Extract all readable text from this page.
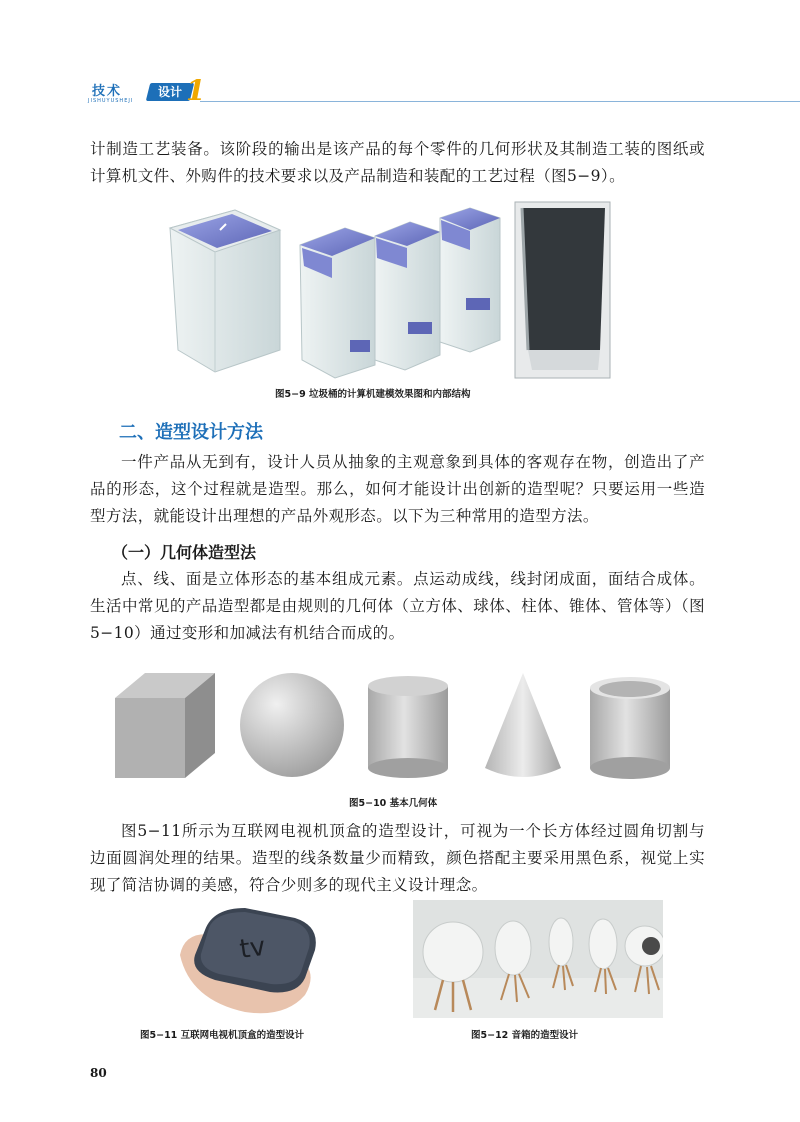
技术
JISHUYUSHEJI
设计 1
计制造工艺装备。该阶段的输出是该产品的每个零件的几何形状及其制造工装的图纸或计算机文件、外购件的技术要求以及产品制造和装配的工艺过程（图5−9）。
图5−9 垃圾桶的计算机建模效果图和内部结构
二、造型设计方法
一件产品从无到有，设计人员从抽象的主观意象到具体的客观存在物，创造出了产品的形态，这个过程就是造型。那么，如何才能设计出创新的造型呢？只要运用一些造型方法，就能设计出理想的产品外观形态。以下为三种常用的造型方法。
（一）几何体造型法
点、线、面是立体形态的基本组成元素。点运动成线，线封闭成面，面结合成体。生活中常见的产品造型都是由规则的几何体（立方体、球体、柱体、锥体、管体等）（图5−10）通过变形和加减法有机结合而成的。
图5−10 基本几何体
图5−11所示为互联网电视机顶盒的造型设计，可视为一个长方体经过圆角切割与边面圆润处理的结果。造型的线条数量少而精致，颜色搭配主要采用黑色系，视觉上实现了简洁协调的美感，符合少则多的现代主义设计理念。
tv
图5−11 互联网电视机顶盒的造型设计	图5−12 音箱的造型设计
80
